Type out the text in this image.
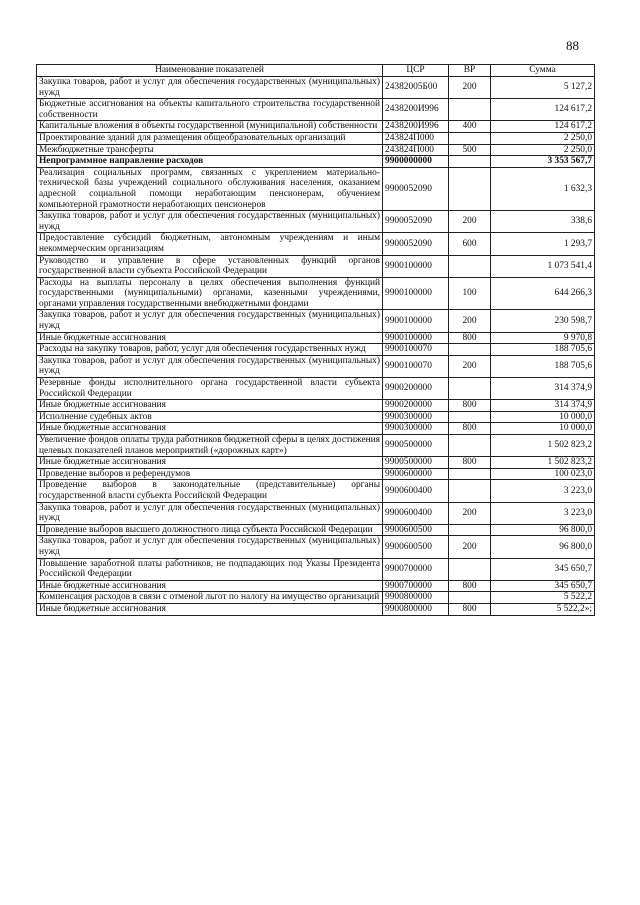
88
Наименование показателей	ЦСР	ВР	Сумма
Закупка товаров, работ и услуг для обеспечения государственных (муниципальных) нужд	24382005Б00	200	5 127,2
Бюджетные ассигнования на объекты капитального строительства государственной собственности	2438200И996		124 617,2
Капитальные вложения в объекты государственной (муниципальной) собственности	2438200И996	400	124 617,2
Проектирование зданий для размещения общеобразовательных организаций	243824П000		2 250,0
Межбюджетные трансферты	243824П000	500	2 250,0
Непрограммное направление расходов	9900000000		3 353 567,7
Реализация социальных программ, связанных с укреплением материально-технической базы учреждений социального обслуживания населения, оказанием адресной социальной помощи неработающим пенсионерам, обучением компьютерной грамотности неработающих пенсионеров	9900052090		1 632,3
Закупка товаров, работ и услуг для обеспечения государственных (муниципальных) нужд	9900052090	200	338,6
Предоставление субсидий бюджетным, автономным учреждениям и иным некоммерческим организациям	9900052090	600	1 293,7
Руководство и управление в сфере установленных функций органов государственной власти субъекта Российской Федерации	9900100000		1 073 541,4
Расходы на выплаты персоналу в целях обеспечения выполнения функций государственными (муниципальными) органами, казенными учреждениями, органами управления государственными внебюджетными фондами	9900100000	100	644 266,3
Закупка товаров, работ и услуг для обеспечения государственных (муниципальных) нужд	9900100000	200	230 598,7
Иные бюджетные ассигнования	9900100000	800	9 970,8
Расходы на закупку товаров, работ, услуг для обеспечения государственных нужд	9900100070		188 705,6
Закупка товаров, работ и услуг для обеспечения государственных (муниципальных) нужд	9900100070	200	188 705,6
Резервные фонды исполнительного органа государственной власти субъекта Российской Федерации	9900200000		314 374,9
Иные бюджетные ассигнования	9900200000	800	314 374,9
Исполнение судебных актов	9900300000		10 000,0
Иные бюджетные ассигнования	9900300000	800	10 000,0
Увеличение фондов оплаты труда работников бюджетной сферы в целях достижения целевых показателей планов мероприятий («дорожных карт»)	9900500000		1 502 823,2
Иные бюджетные ассигнования	9900500000	800	1 502 823,2
Проведение выборов и референдумов	9900600000		100 023,0
Проведение выборов в законодательные (представительные) органы государственной власти субъекта Российской Федерации	9900600400		3 223,0
Закупка товаров, работ и услуг для обеспечения государственных (муниципальных) нужд	9900600400	200	3 223,0
Проведение выборов высшего должностного лица субъекта Российской Федерации	9900600500		96 800,0
Закупка товаров, работ и услуг для обеспечения государственных (муниципальных) нужд	9900600500	200	96 800,0
Повышение заработной платы работников, не подпадающих под Указы Президента Российской Федерации	9900700000		345 650,7
Иные бюджетные ассигнования	9900700000	800	345 650,7
Компенсация расходов в связи с отменой льгот по налогу на имущество организаций	9900800000		5 522,2
Иные бюджетные ассигнования	9900800000	800	5 522,2»;
